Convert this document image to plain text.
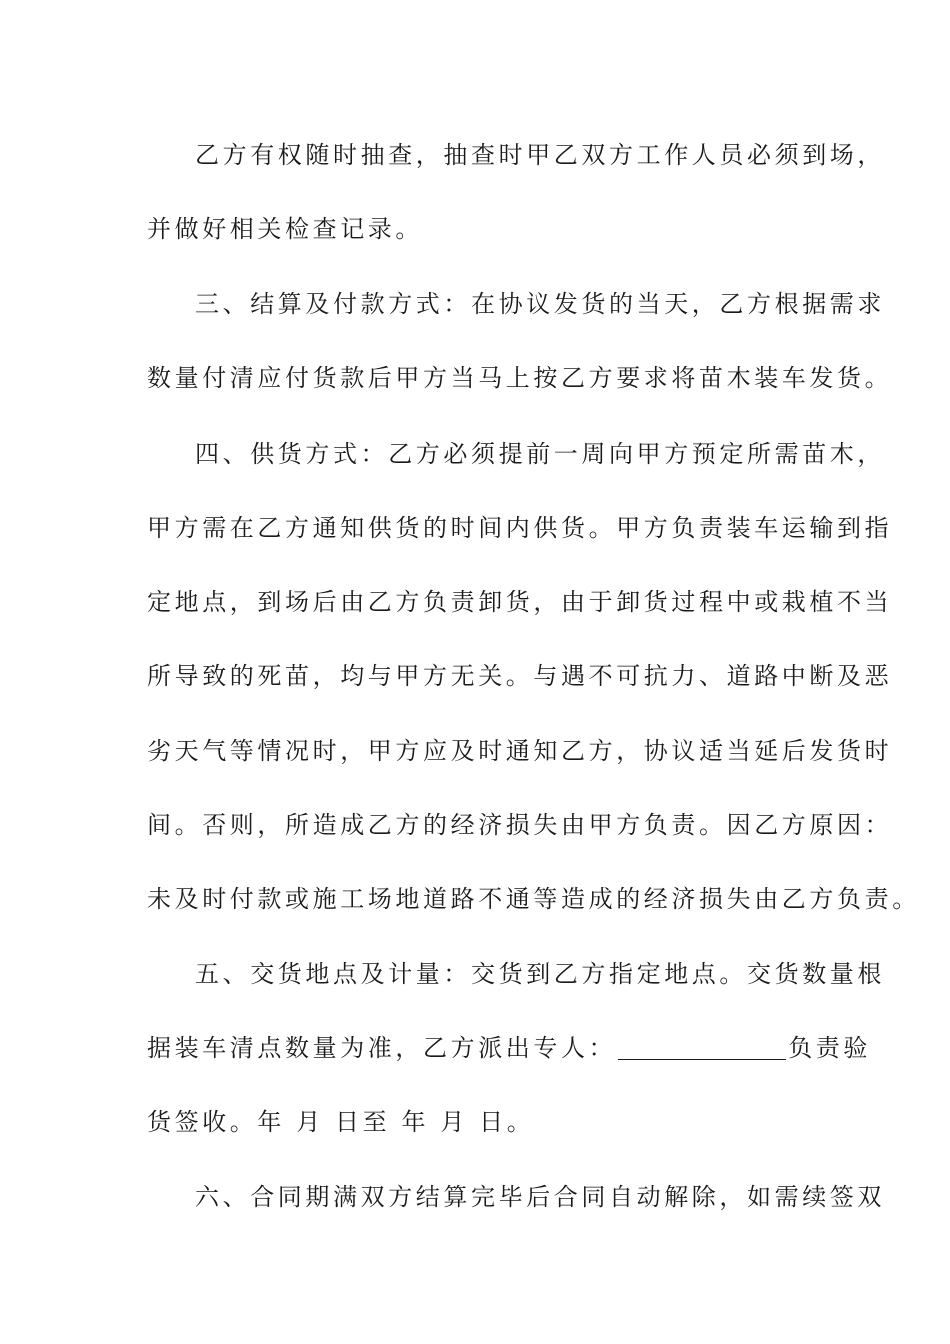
乙方有权随时抽查，抽查时甲乙双方工作人员必须到场，
并做好相关检查记录。
三、结算及付款方式：在协议发货的当天，乙方根据需求
数量付清应付货款后甲方当马上按乙方要求将苗木装车发货。
四、供货方式：乙方必须提前一周向甲方预定所需苗木，
甲方需在乙方通知供货的时间内供货。甲方负责装车运输到指
定地点，到场后由乙方负责卸货，由于卸货过程中或栽植不当
所导致的死苗，均与甲方无关。与遇不可抗力、道路中断及恶
劣天气等情况时，甲方应及时通知乙方，协议适当延后发货时
间。否则，所造成乙方的经济损失由甲方负责。因乙方原因：
未及时付款或施工场地道路不通等造成的经济损失由乙方负责。
五、交货地点及计量：交货到乙方指定地点。交货数量根
据装车清点数量为准，乙方派出专人：	负责验
货签收。年 月 日至 年 月 日。
六、合同期满双方结算完毕后合同自动解除，如需续签双
